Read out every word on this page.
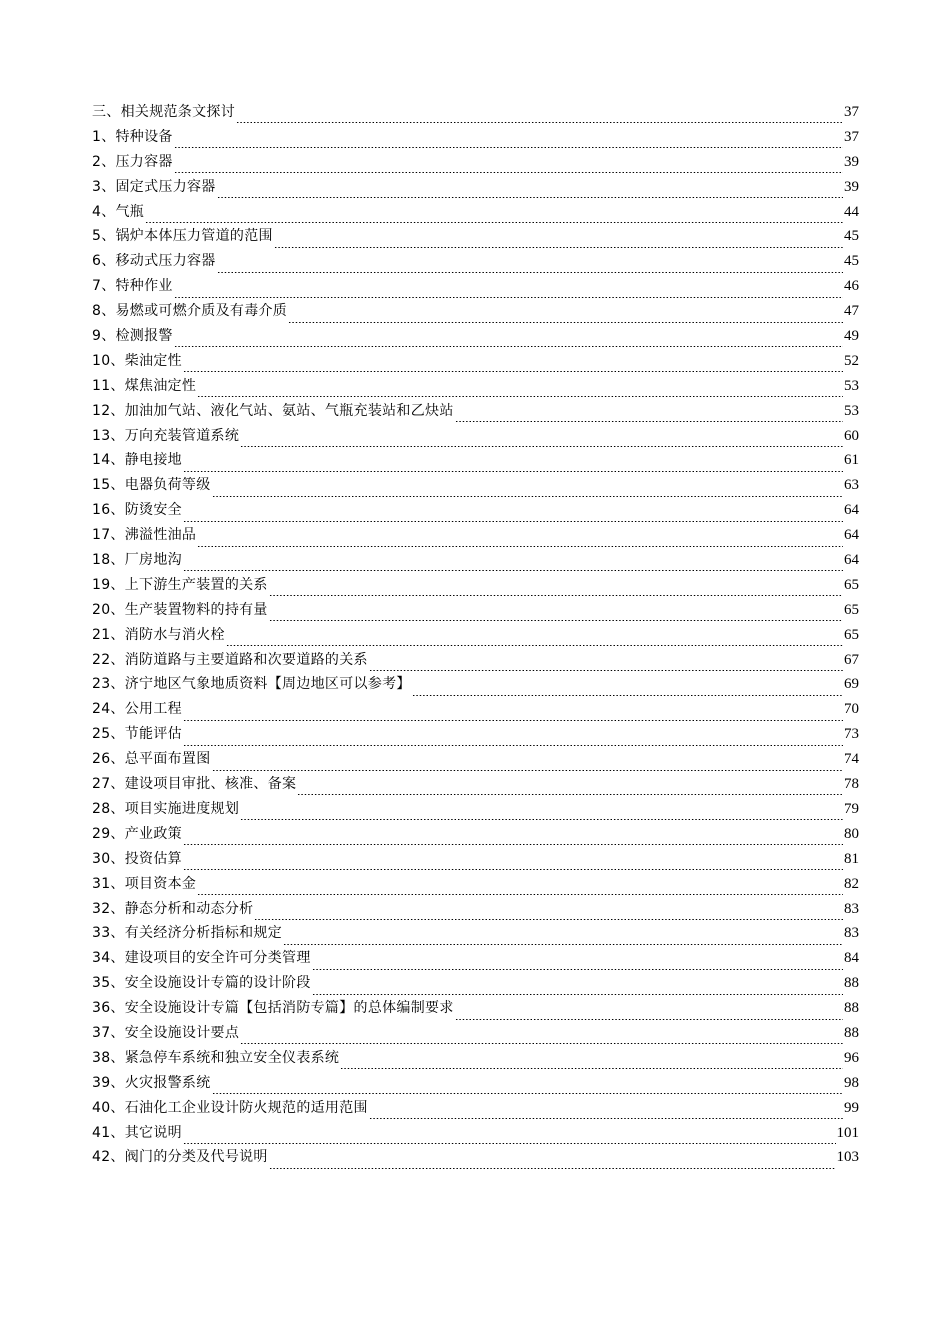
三、相关规范条文探讨	37
1、特种设备	37
2、压力容器	39
3、固定式压力容器	39
4、气瓶	44
5、锅炉本体压力管道的范围	45
6、移动式压力容器	45
7、特种作业	46
8、易燃或可燃介质及有毒介质	47
9、检测报警	49
10、柴油定性	52
11、煤焦油定性	53
12、加油加气站、液化气站、氨站、气瓶充装站和乙炔站	53
13、万向充装管道系统	60
14、静电接地	61
15、电器负荷等级	63
16、防烫安全	64
17、沸溢性油品	64
18、厂房地沟	64
19、上下游生产装置的关系	65
20、生产装置物料的持有量	65
21、消防水与消火栓	65
22、消防道路与主要道路和次要道路的关系	67
23、济宁地区气象地质资料【周边地区可以参考】	69
24、公用工程	70
25、节能评估	73
26、总平面布置图	74
27、建设项目审批、核准、备案	78
28、项目实施进度规划	79
29、产业政策	80
30、投资估算	81
31、项目资本金	82
32、静态分析和动态分析	83
33、有关经济分析指标和规定	83
34、建设项目的安全许可分类管理	84
35、安全设施设计专篇的设计阶段	88
36、安全设施设计专篇【包括消防专篇】的总体编制要求	88
37、安全设施设计要点	88
38、紧急停车系统和独立安全仪表系统	96
39、火灾报警系统	98
40、石油化工企业设计防火规范的适用范围	99
41、其它说明	101
42、阀门的分类及代号说明	103
